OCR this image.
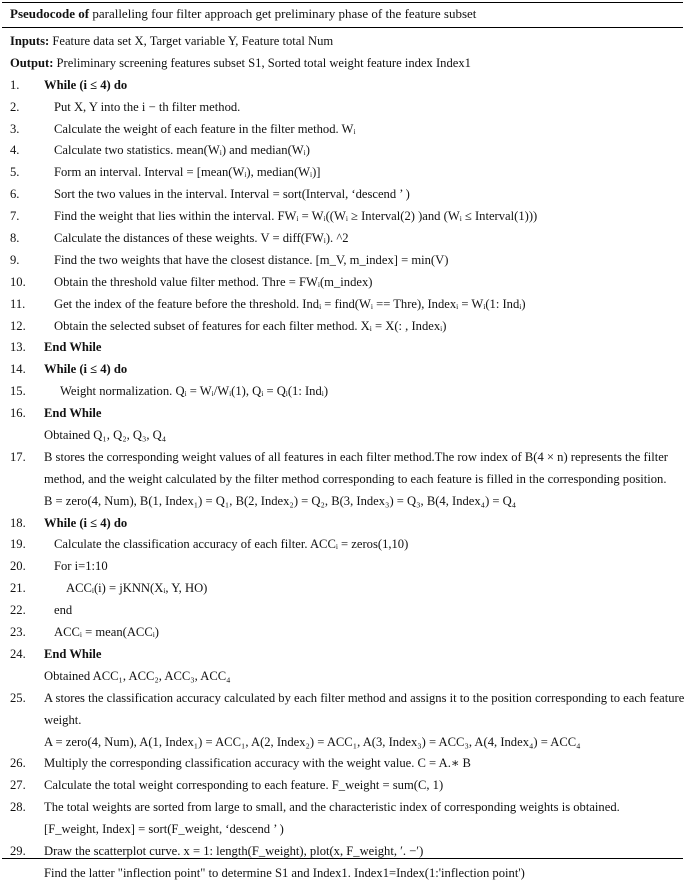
Pseudocode of paralleling four filter approach get preliminary phase of the feature subset
Inputs: Feature data set X, Target variable Y, Feature total Num
Output: Preliminary screening features subset S1, Sorted total weight feature index Index1
1. While (i ≤ 4) do
2.	Put X, Y into the i − th filter method.
3.	Calculate the weight of each feature in the filter method. Wᵢ
4.	Calculate two statistics. mean(Wᵢ) and median(Wᵢ)
5.	Form an interval. Interval = [mean(Wᵢ), median(Wᵢ)]
6.	Sort the two values in the interval. Interval = sort(Interval, ‘descend ’ )
7.	Find the weight that lies within the interval. FWᵢ = Wᵢ((Wᵢ ≥ Interval(2) )and (Wᵢ ≤ Interval(1)))
8.	Calculate the distances of these weights. V = diff(FWᵢ). ^2
9.	Find the two weights that have the closest distance. [m_V, m_index] = min(V)
10. Obtain the threshold value filter method. Thre = FWᵢ(m_index)
11. Get the index of the feature before the threshold. Indᵢ = find(Wᵢ == Thre), Indexᵢ = Wᵢ(1: Indᵢ)
12. Obtain the selected subset of features for each filter method. Xᵢ = X(: , Indexᵢ)
13. End While
14. While (i ≤ 4) do
15.	Weight normalization. Qᵢ = Wᵢ/Wᵢ(1), Qᵢ = Qᵢ(1: Indᵢ)
16. End While
Obtained Q₁, Q₂, Q₃, Q₄
17. B stores the corresponding weight values of all features in each filter method.The row index of B(4 × n) represents the filter
method, and the weight calculated by the filter method corresponding to each feature is filled in the corresponding position.
B = zero(4, Num), B(1, Index₁) = Q₁, B(2, Index₂) = Q₂, B(3, Index₃) = Q₃, B(4, Index₄) = Q₄
18. While (i ≤ 4) do
19. Calculate the classification accuracy of each filter. ACCᵢ = zeros(1,10)
20. For i=1:10
21.	ACCᵢ(i) = jKNN(Xᵢ, Y, HO)
22. end
23. ACCᵢ = mean(ACCᵢ)
24. End While
Obtained ACC₁, ACC₂, ACC₃, ACC₄
25. A stores the classification accuracy calculated by each filter method and assigns it to the position corresponding to each feature
weight.
A = zero(4, Num), A(1, Index₁) = ACC₁, A(2, Index₂) = ACC₁, A(3, Index₃) = ACC₃, A(4, Index₄) = ACC₄
26. Multiply the corresponding classification accuracy with the weight value. C = A.∗ B
27. Calculate the total weight corresponding to each feature. F_weight = sum(C, 1)
28. The total weights are sorted from large to small, and the characteristic index of corresponding weights is obtained.
[F_weight, Index] = sort(F_weight, ‘descend ’ )
29. Draw the scatterplot curve. x = 1: length(F_weight), plot(x, F_weight, ′. −′)
Find the latter "inflection point" to determine S1 and Index1. Index1=Index(1:'inflection point')
